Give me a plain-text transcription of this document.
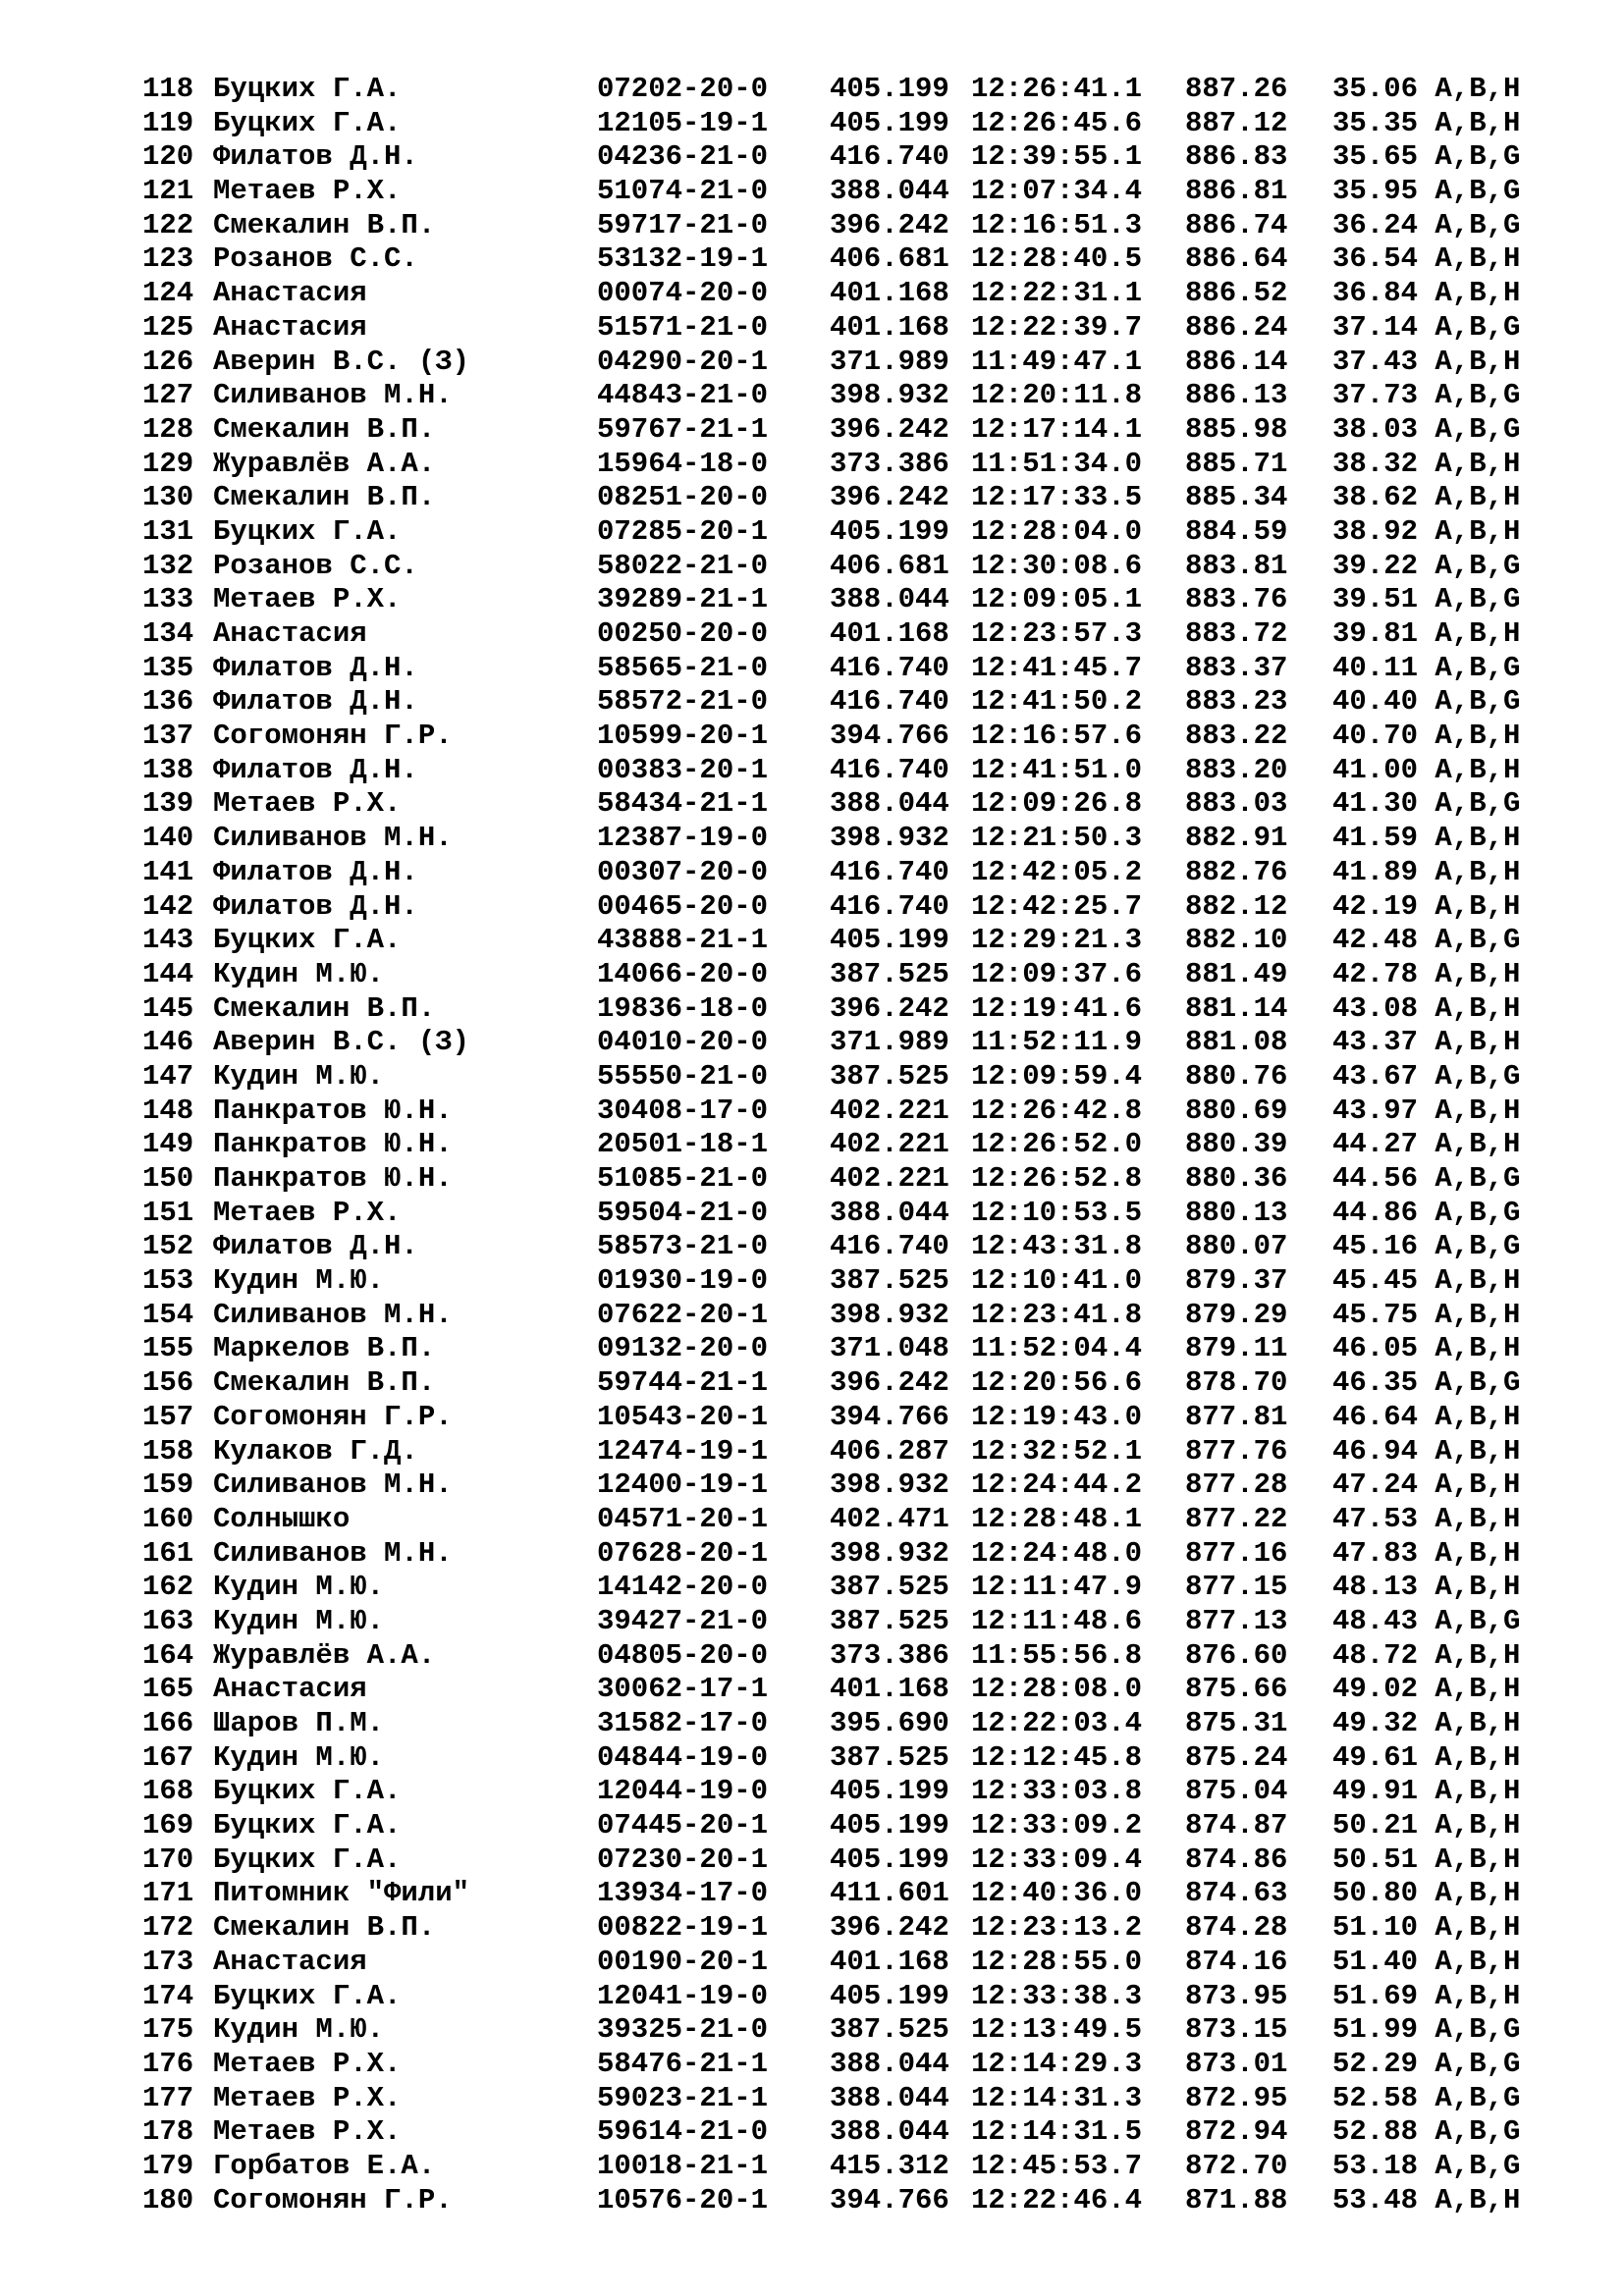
118 Буцких Г.А.	07202-20-0 405.199 12:26:41.1 887.26 35.06 A,B,H
119 Буцких Г.А.	12105-19-1 405.199 12:26:45.6 887.12 35.35 A,B,H
120 Филатов Д.Н.	04236-21-0 416.740 12:39:55.1 886.83 35.65 A,B,G
121 Метаев Р.Х.	51074-21-0 388.044 12:07:34.4 886.81 35.95 A,B,G
122 Смекалин В.П.	59717-21-0 396.242 12:16:51.3 886.74 36.24 A,B,G
123 Розанов С.С.	53132-19-1 406.681 12:28:40.5 886.64 36.54 A,B,H
124 Анастасия	00074-20-0 401.168 12:22:31.1 886.52 36.84 A,B,H
125 Анастасия	51571-21-0 401.168 12:22:39.7 886.24 37.14 A,B,G
126 Аверин В.С. (З)	04290-20-1 371.989 11:49:47.1 886.14 37.43 A,B,H
127 Силиванов М.Н.	44843-21-0 398.932 12:20:11.8 886.13 37.73 A,B,G
128 Смекалин В.П.	59767-21-1 396.242 12:17:14.1 885.98 38.03 A,B,G
129 Журавлёв А.А.	15964-18-0 373.386 11:51:34.0 885.71 38.32 A,B,H
130 Смекалин В.П.	08251-20-0 396.242 12:17:33.5 885.34 38.62 A,B,H
131 Буцких Г.А.	07285-20-1 405.199 12:28:04.0 884.59 38.92 A,B,H
132 Розанов С.С.	58022-21-0 406.681 12:30:08.6 883.81 39.22 A,B,G
133 Метаев Р.Х.	39289-21-1 388.044 12:09:05.1 883.76 39.51 A,B,G
134 Анастасия	00250-20-0 401.168 12:23:57.3 883.72 39.81 A,B,H
135 Филатов Д.Н.	58565-21-0 416.740 12:41:45.7 883.37 40.11 A,B,G
136 Филатов Д.Н.	58572-21-0 416.740 12:41:50.2 883.23 40.40 A,B,G
137 Согомонян Г.Р.	10599-20-1 394.766 12:16:57.6 883.22 40.70 A,B,H
138 Филатов Д.Н.	00383-20-1 416.740 12:41:51.0 883.20 41.00 A,B,H
139 Метаев Р.Х.	58434-21-1 388.044 12:09:26.8 883.03 41.30 A,B,G
140 Силиванов М.Н.	12387-19-0 398.932 12:21:50.3 882.91 41.59 A,B,H
141 Филатов Д.Н.	00307-20-0 416.740 12:42:05.2 882.76 41.89 A,B,H
142 Филатов Д.Н.	00465-20-0 416.740 12:42:25.7 882.12 42.19 A,B,H
143 Буцких Г.А.	43888-21-1 405.199 12:29:21.3 882.10 42.48 A,B,G
144 Кудин М.Ю.	14066-20-0 387.525 12:09:37.6 881.49 42.78 A,B,H
145 Смекалин В.П.	19836-18-0 396.242 12:19:41.6 881.14 43.08 A,B,H
146 Аверин В.С. (З)	04010-20-0 371.989 11:52:11.9 881.08 43.37 A,B,H
147 Кудин М.Ю.	55550-21-0 387.525 12:09:59.4 880.76 43.67 A,B,G
148 Панкратов Ю.Н.	30408-17-0 402.221 12:26:42.8 880.69 43.97 A,B,H
149 Панкратов Ю.Н.	20501-18-1 402.221 12:26:52.0 880.39 44.27 A,B,H
150 Панкратов Ю.Н.	51085-21-0 402.221 12:26:52.8 880.36 44.56 A,B,G
151 Метаев Р.Х.	59504-21-0 388.044 12:10:53.5 880.13 44.86 A,B,G
152 Филатов Д.Н.	58573-21-0 416.740 12:43:31.8 880.07 45.16 A,B,G
153 Кудин М.Ю.	01930-19-0 387.525 12:10:41.0 879.37 45.45 A,B,H
154 Силиванов М.Н.	07622-20-1 398.932 12:23:41.8 879.29 45.75 A,B,H
155 Маркелов В.П.	09132-20-0 371.048 11:52:04.4 879.11 46.05 A,B,H
156 Смекалин В.П.	59744-21-1 396.242 12:20:56.6 878.70 46.35 A,B,G
157 Согомонян Г.Р.	10543-20-1 394.766 12:19:43.0 877.81 46.64 A,B,H
158 Кулаков Г.Д.	12474-19-1 406.287 12:32:52.1 877.76 46.94 A,B,H
159 Силиванов М.Н.	12400-19-1 398.932 12:24:44.2 877.28 47.24 A,B,H
160 Солнышко	04571-20-1 402.471 12:28:48.1 877.22 47.53 A,B,H
161 Силиванов М.Н.	07628-20-1 398.932 12:24:48.0 877.16 47.83 A,B,H
162 Кудин М.Ю.	14142-20-0 387.525 12:11:47.9 877.15 48.13 A,B,H
163 Кудин М.Ю.	39427-21-0 387.525 12:11:48.6 877.13 48.43 A,B,G
164 Журавлёв А.А.	04805-20-0 373.386 11:55:56.8 876.60 48.72 A,B,H
165 Анастасия	30062-17-1 401.168 12:28:08.0 875.66 49.02 A,B,H
166 Шаров П.М.	31582-17-0 395.690 12:22:03.4 875.31 49.32 A,B,H
167 Кудин М.Ю.	04844-19-0 387.525 12:12:45.8 875.24 49.61 A,B,H
168 Буцких Г.А.	12044-19-0 405.199 12:33:03.8 875.04 49.91 A,B,H
169 Буцких Г.А.	07445-20-1 405.199 12:33:09.2 874.87 50.21 A,B,H
170 Буцких Г.А.	07230-20-1 405.199 12:33:09.4 874.86 50.51 A,B,H
171 Питомник "Фили"	13934-17-0 411.601 12:40:36.0 874.63 50.80 A,B,H
172 Смекалин В.П.	00822-19-1 396.242 12:23:13.2 874.28 51.10 A,B,H
173 Анастасия	00190-20-1 401.168 12:28:55.0 874.16 51.40 A,B,H
174 Буцких Г.А.	12041-19-0 405.199 12:33:38.3 873.95 51.69 A,B,H
175 Кудин М.Ю.	39325-21-0 387.525 12:13:49.5 873.15 51.99 A,B,G
176 Метаев Р.Х.	58476-21-1 388.044 12:14:29.3 873.01 52.29 A,B,G
177 Метаев Р.Х.	59023-21-1 388.044 12:14:31.3 872.95 52.58 A,B,G
178 Метаев Р.Х.	59614-21-0 388.044 12:14:31.5 872.94 52.88 A,B,G
179 Горбатов Е.А.	10018-21-1 415.312 12:45:53.7 872.70 53.18 A,B,G
180 Согомонян Г.Р.	10576-20-1 394.766 12:22:46.4 871.88 53.48 A,B,H
